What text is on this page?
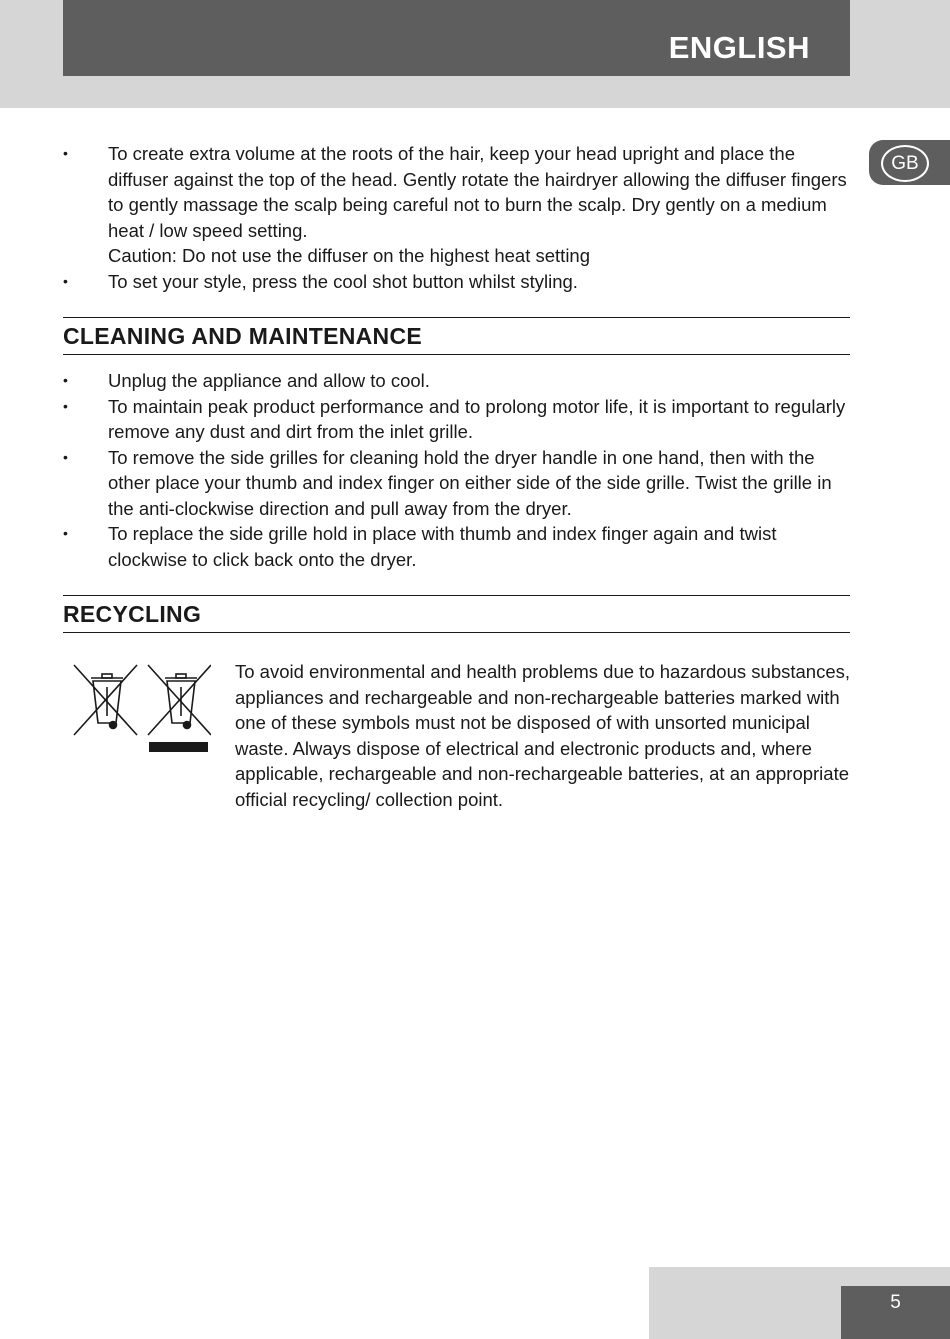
ENGLISH
GB
• To create extra volume at the roots of the hair, keep your head upright and place the diffuser against the top of the head. Gently rotate the hairdryer allowing the diffuser fingers to gently massage the scalp being careful not to burn the scalp. Dry gently on a medium heat / low speed setting.
Caution: Do not use the diffuser on the highest heat setting
• To set your style, press the cool shot button whilst styling.
CLEANING AND MAINTENANCE
• Unplug the appliance and allow to cool.
• To maintain peak product performance and to prolong motor life, it is important to regularly remove any dust and dirt from the inlet grille.
• To remove the side grilles for cleaning hold the dryer handle in one hand, then with the other place your thumb and index finger on either side of the side grille. Twist the grille in the anti-clockwise direction and pull away from the dryer.
• To replace the side grille hold in place with thumb and index finger again and twist clockwise to click back onto the dryer.
RECYCLING

To avoid environmental and health problems due to hazardous substances, appliances and rechargeable and non-rechargeable batteries marked with one of these symbols must not be disposed of with unsorted municipal waste. Always dispose of electrical and electronic products and, where applicable, rechargeable and non-rechargeable batteries, at an appropriate official recycling/ collection point.

5
